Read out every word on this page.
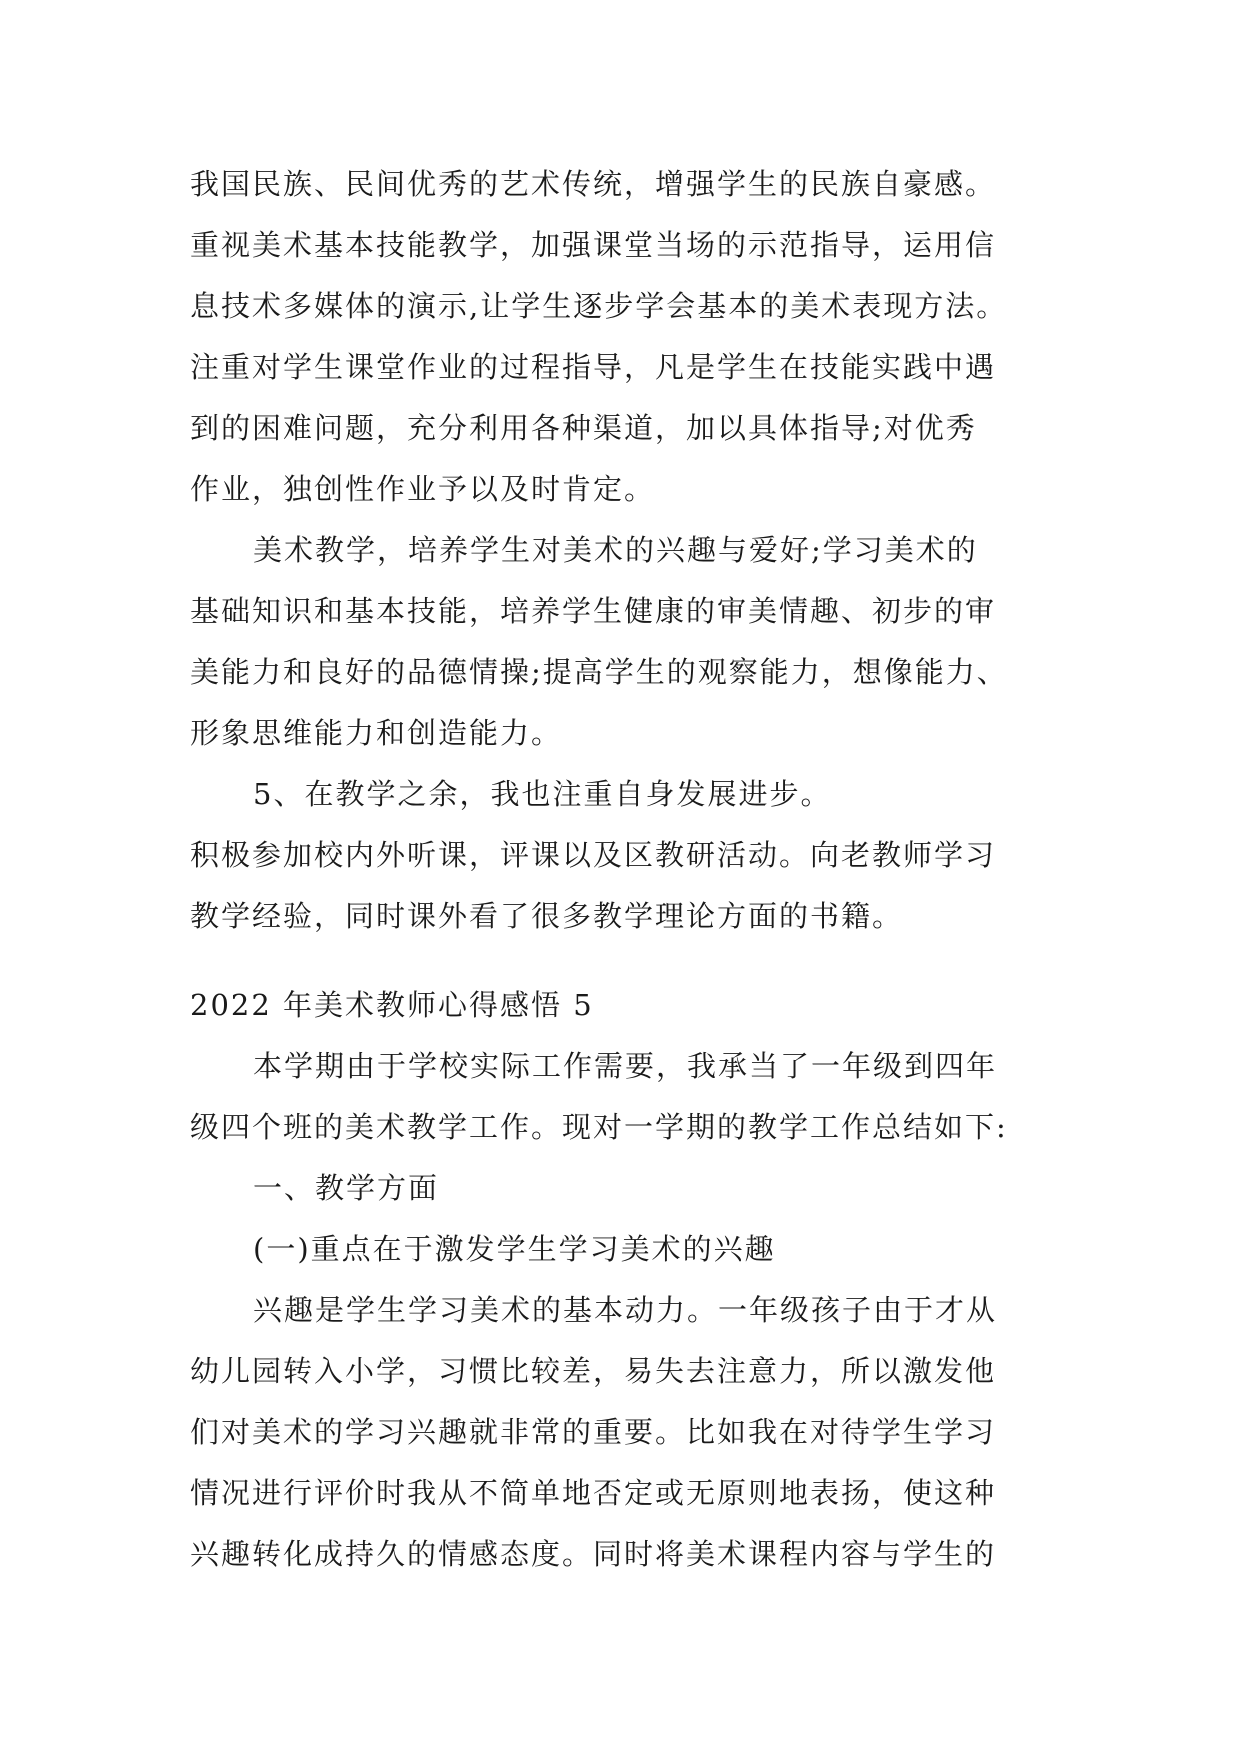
我国民族、民间优秀的艺术传统，增强学生的民族自豪感。
重视美术基本技能教学，加强课堂当场的示范指导，运用信
息技术多媒体的演示,让学生逐步学会基本的美术表现方法。
注重对学生课堂作业的过程指导，凡是学生在技能实践中遇
到的困难问题，充分利用各种渠道，加以具体指导;对优秀
作业，独创性作业予以及时肯定。
美术教学，培养学生对美术的兴趣与爱好;学习美术的
基础知识和基本技能，培养学生健康的审美情趣、初步的审
美能力和良好的品德情操;提高学生的观察能力，想像能力、
形象思维能力和创造能力。
5、在教学之余，我也注重自身发展进步。
积极参加校内外听课，评课以及区教研活动。向老教师学习
教学经验，同时课外看了很多教学理论方面的书籍。
2022 年美术教师心得感悟 5
本学期由于学校实际工作需要，我承当了一年级到四年
级四个班的美术教学工作。现对一学期的教学工作总结如下:
一、教学方面
(一)重点在于激发学生学习美术的兴趣
兴趣是学生学习美术的基本动力。一年级孩子由于才从
幼儿园转入小学，习惯比较差，易失去注意力，所以激发他
们对美术的学习兴趣就非常的重要。比如我在对待学生学习
情况进行评价时我从不简单地否定或无原则地表扬，使这种
兴趣转化成持久的情感态度。同时将美术课程内容与学生的
